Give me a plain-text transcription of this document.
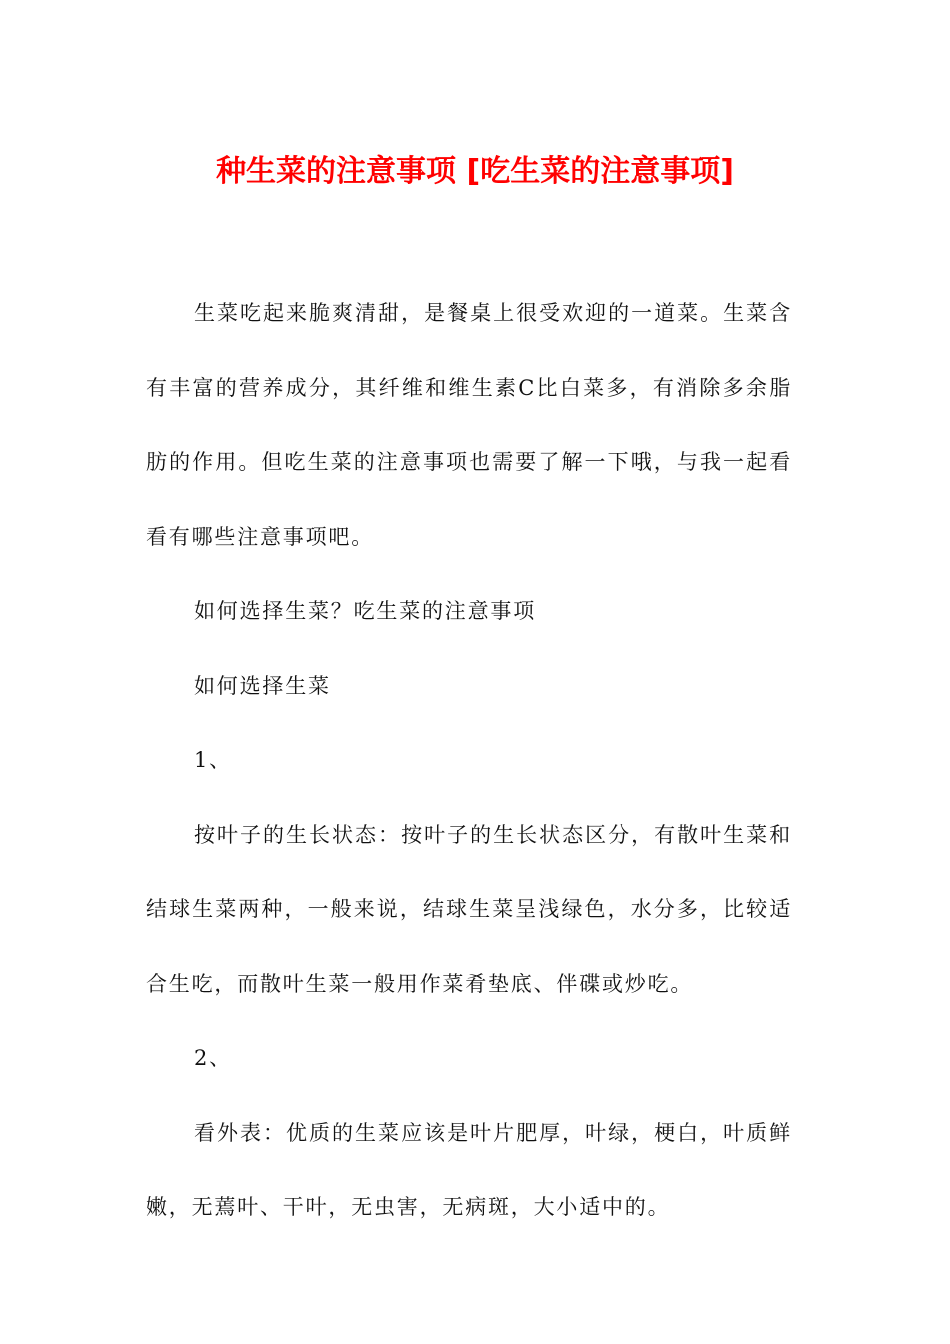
种生菜的注意事项 [吃生菜的注意事项]

生菜吃起来脆爽清甜，是餐桌上很受欢迎的一道菜。生菜含有丰富的营养成分，其纤维和维生素C比白菜多，有消除多余脂肪的作用。但吃生菜的注意事项也需要了解一下哦，与我一起看看有哪些注意事项吧。

如何选择生菜？吃生菜的注意事项

如何选择生菜

1、

按叶子的生长状态：按叶子的生长状态区分，有散叶生菜和结球生菜两种，一般来说，结球生菜呈浅绿色，水分多，比较适合生吃，而散叶生菜一般用作菜肴垫底、伴碟或炒吃。

2、

看外表：优质的生菜应该是叶片肥厚，叶绿，梗白，叶质鲜嫩，无蔫叶、干叶，无虫害，无病斑，大小适中的。
